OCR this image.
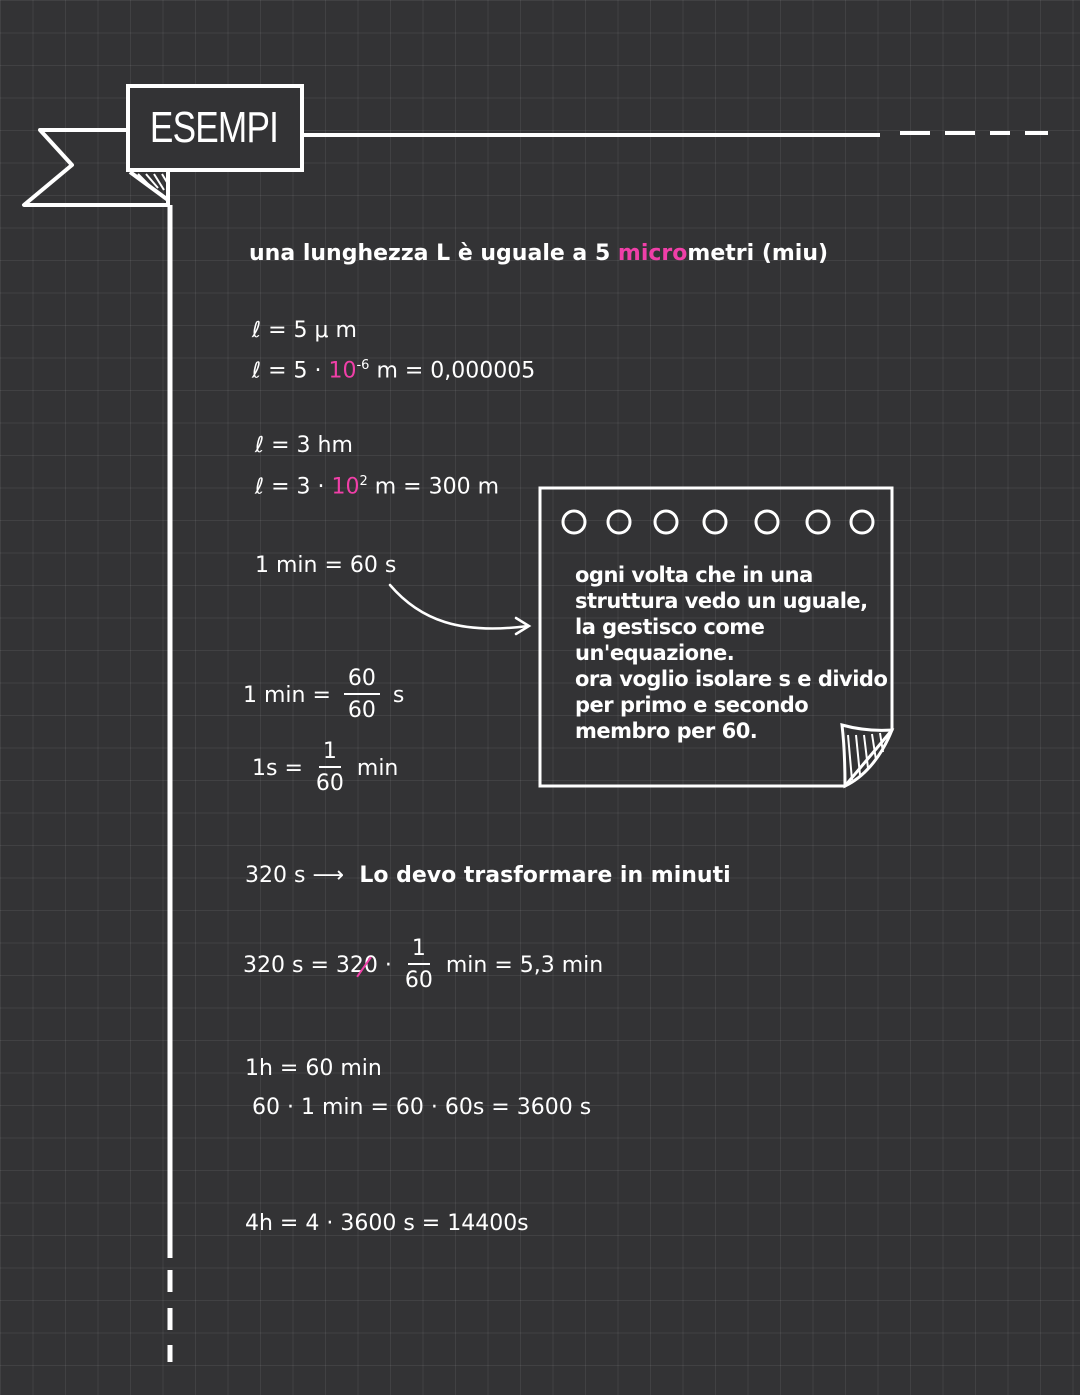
ESEMPI
una lunghezza L è uguale a 5 micrometri (miu)
ℓ = 5 μ m
ℓ = $5 \cdot 10^{-6}$ m = 0,000005
ℓ = 3 hm
ℓ = $3 \cdot 10^2$ m = 300 m
1 min = 60 s
1 $\min = \frac{60}{60}$ s
$1s = \frac{1}{60}$ min
320 s ⟶ Lo devo trasformare in minuti
320 $s = 320 \cdot \frac{1}{60}$ min = 5,3 min
1h = 60 min
60 · 1 min = 60 · 60s = 3600 s
4h = 4 · 3600 s = 14400s
ogni volta che in una
struttura vedo un uguale,
la gestisco come
un'equazione.
ora voglio isolare s e divido
per primo e secondo
membro per 60.
